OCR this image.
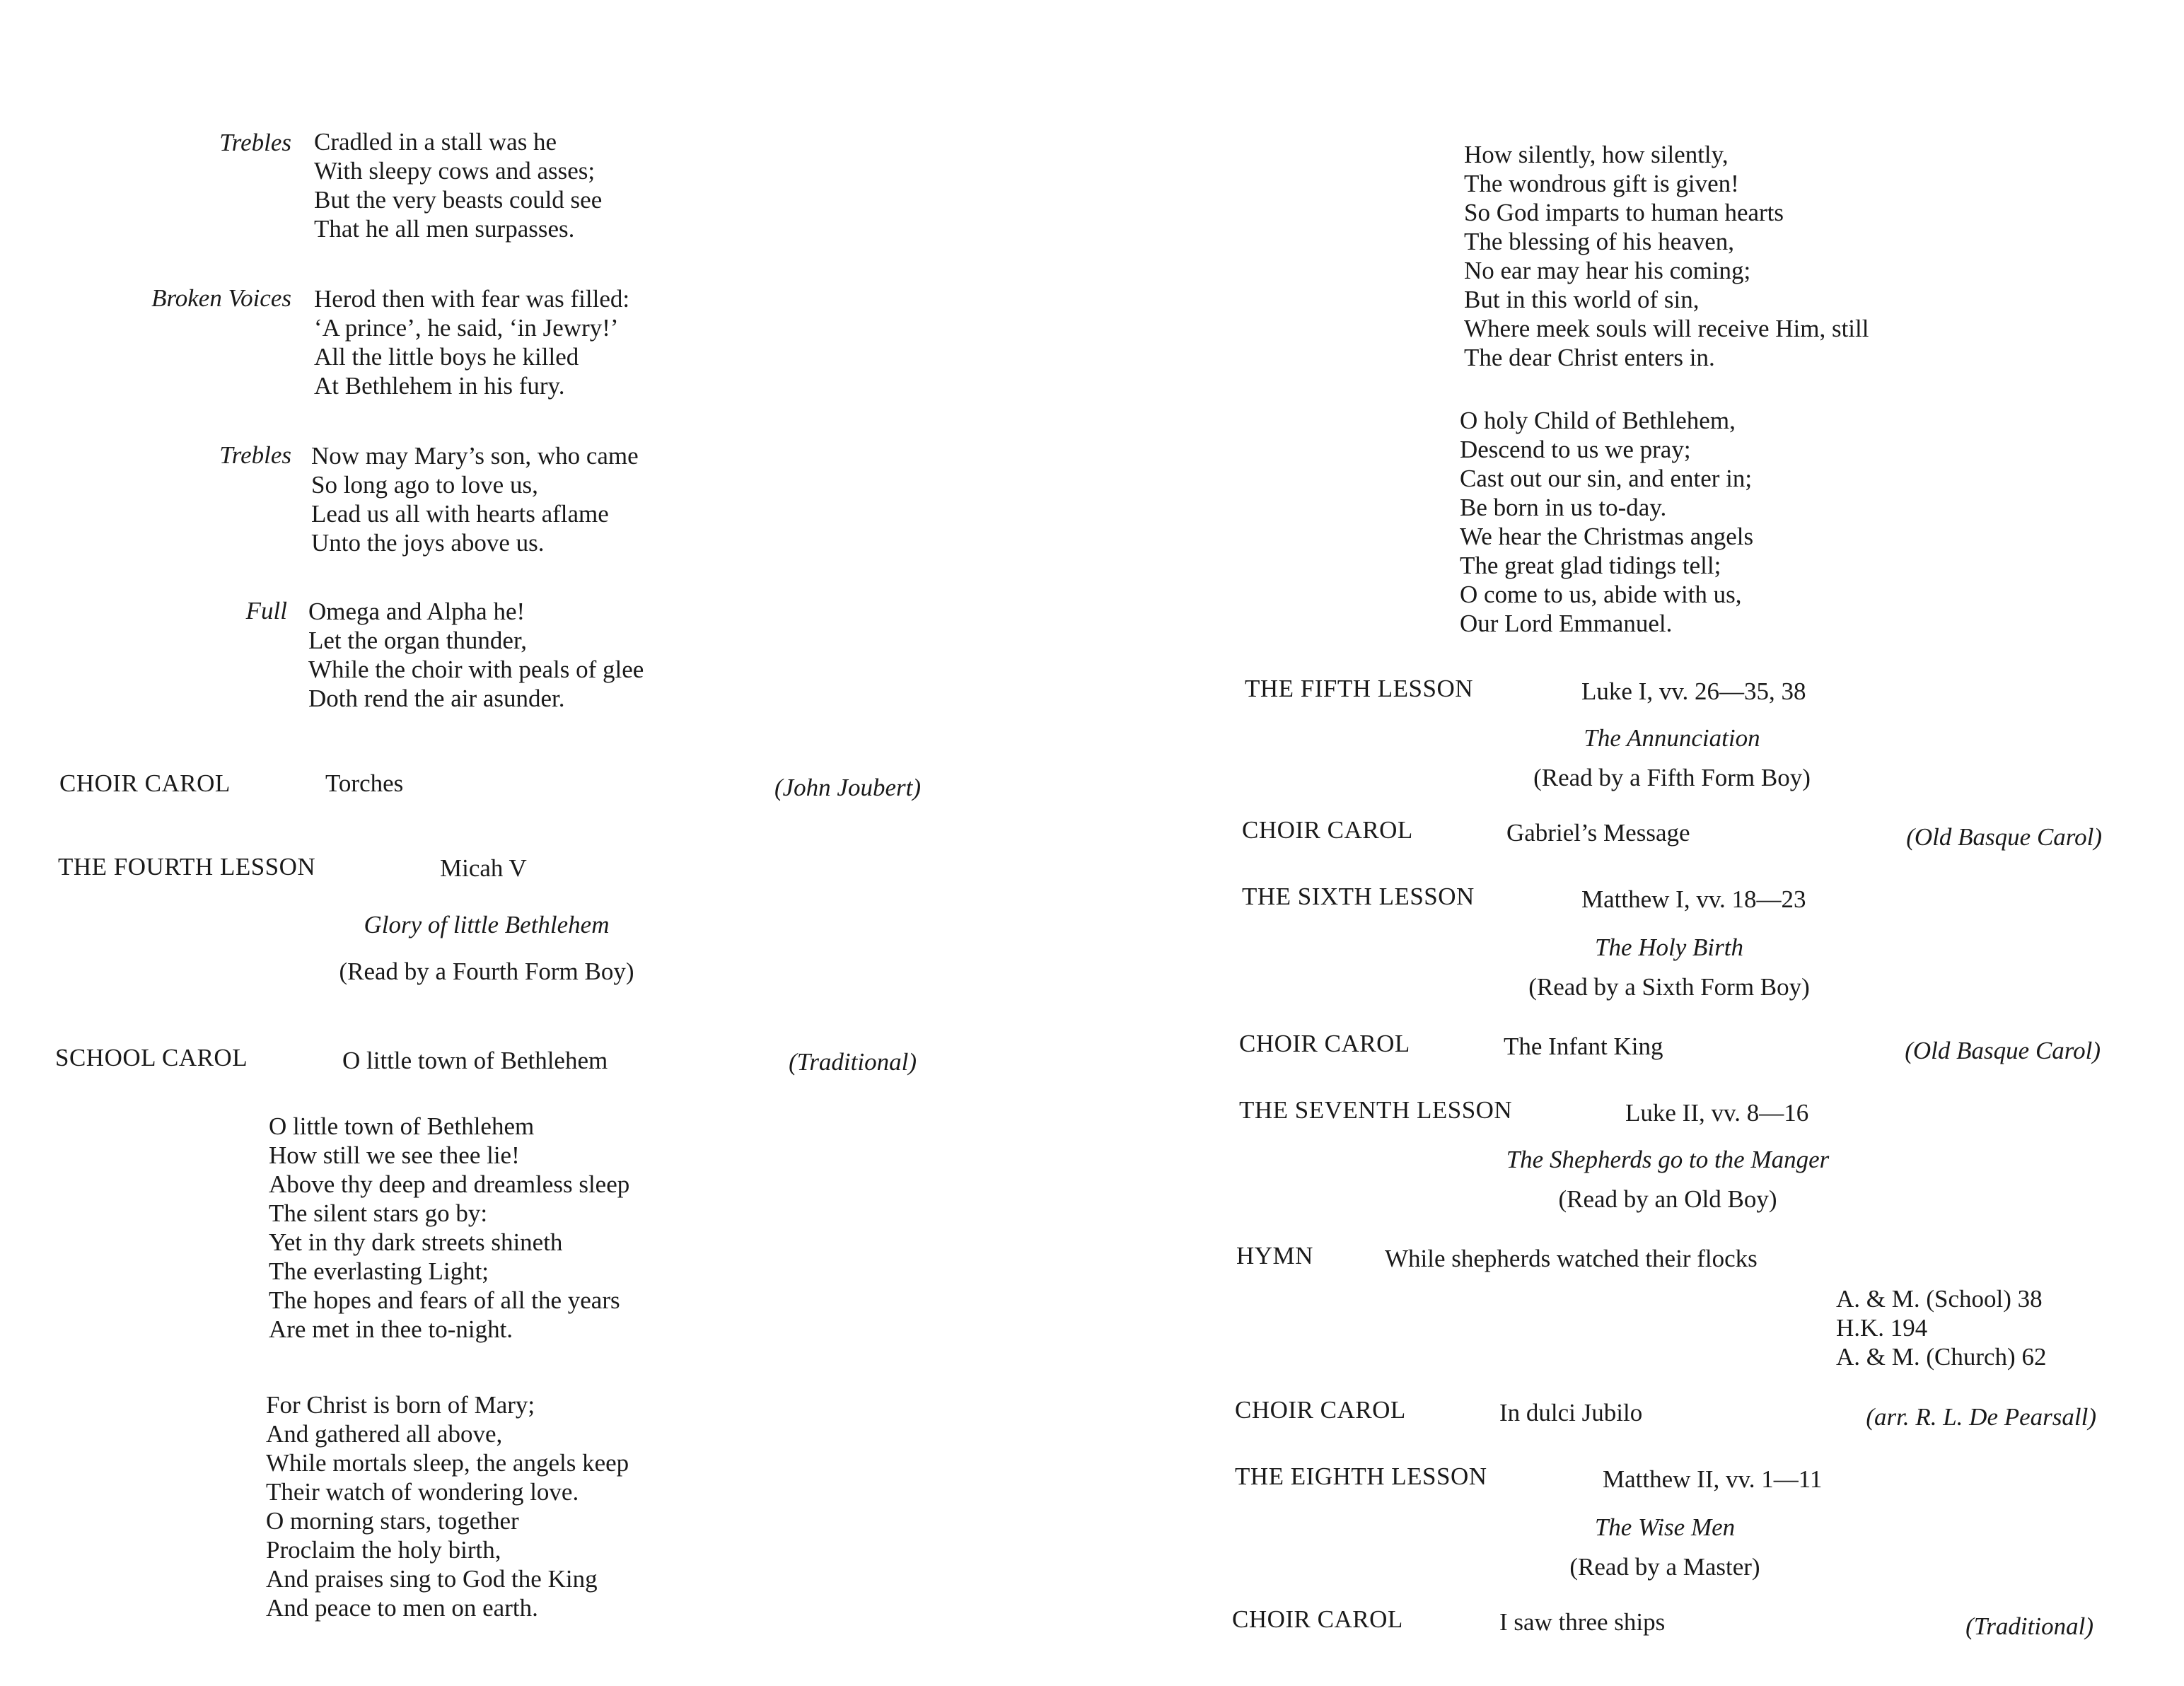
Trebles Cradled in a stall was he
With sleepy cows and asses;
But the very beasts could see
That he all men surpasses.
Broken Voices Herod then with fear was filled:
‘A prince’, he said, ‘in Jewry!’
All the little boys he killed
At Bethlehem in his fury.
Trebles Now may Mary’s son, who came
So long ago to love us,
Lead us all with hearts aflame
Unto the joys above us.
Full Omega and Alpha he!
Let the organ thunder,
While the choir with peals of glee
Doth rend the air asunder.
CHOIR CAROL	Torches	(John Joubert)
THE FOURTH LESSON	Micah V
Glory of little Bethlehem
(Read by a Fourth Form Boy)
SCHOOL CAROL	O little town of Bethlehem	(Traditional)
O little town of Bethlehem
How still we see thee lie!
Above thy deep and dreamless sleep
The silent stars go by:
Yet in thy dark streets shineth
The everlasting Light;
The hopes and fears of all the years
Are met in thee to-night.
For Christ is born of Mary;
And gathered all above,
While mortals sleep, the angels keep
Their watch of wondering love.
O morning stars, together
Proclaim the holy birth,
And praises sing to God the King
And peace to men on earth.
How silently, how silently,
The wondrous gift is given!
So God imparts to human hearts
The blessing of his heaven,
No ear may hear his coming;
But in this world of sin,
Where meek souls will receive Him, still
The dear Christ enters in.
O holy Child of Bethlehem,
Descend to us we pray;
Cast out our sin, and enter in;
Be born in us to-day.
We hear the Christmas angels
The great glad tidings tell;
O come to us, abide with us,
Our Lord Emmanuel.
THE FIFTH LESSON	Luke I, vv. 26—35, 38
The Annunciation
(Read by a Fifth Form Boy)
CHOIR CAROL	Gabriel’s Message	(Old Basque Carol)
THE SIXTH LESSON	Matthew I, vv. 18—23
The Holy Birth
(Read by a Sixth Form Boy)
CHOIR CAROL	The Infant King	(Old Basque Carol)
THE SEVENTH LESSON	Luke II, vv. 8—16
The Shepherds go to the Manger
(Read by an Old Boy)
HYMN	While shepherds watched their flocks
A. & M. (School) 38
H.K. 194
A. & M. (Church) 62
CHOIR CAROL	In dulci Jubilo	(arr. R. L. De Pearsall)
THE EIGHTH LESSON	Matthew II, vv. 1—11
The Wise Men
(Read by a Master)
CHOIR CAROL	I saw three ships	(Traditional)
